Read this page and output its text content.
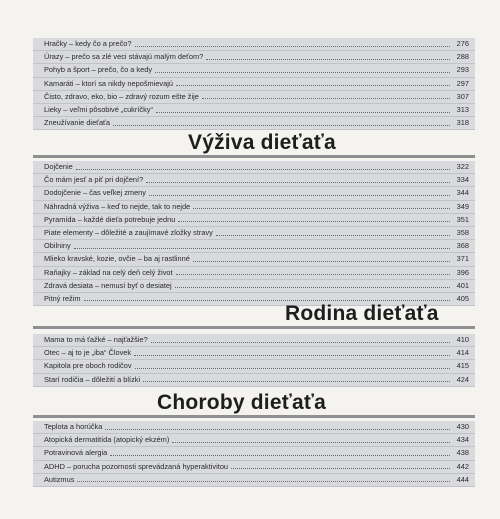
Hračky – kedy čo a prečo?	276
Úrazy – prečo sa zlé veci stávajú malým deťom?	288
Pohyb a šport – prečo, čo a kedy	293
Kamaráti – ktorí sa nikdy nepošmievajú	297
Čisto, zdravo, eko, bio – zdravý rozum ešte žije	307
Lieky – veľmi pôsobivé „cukríčky“	313
Zneužívanie dieťaťa	318
Výživa dieťaťa
Dojčenie	322
Čo mám jesť a piť pri dojčení?	334
Dodojčenie – čas veľkej zmeny	344
Náhradná výživa – keď to nejde, tak to nejde	349
Pyramída – každé dieťa potrebuje jednu	351
Piate elementy – dôležité a zaujímavé zložky stravy	358
Obilniny	368
Mlieko kravské, kozie, ovčie – ba aj rastlinné	371
Raňajky – základ na celý deň celý život	396
Zdravá desiata – nemusí byť o desiatej	401
Pitný režim	405
Rodina dieťaťa
Mama to má ťažké – najťažšie?	410
Otec – aj to je „iba“ Človek	414
Kapitola pre oboch rodičov	415
Starí rodičia – dôležití a blízki	424
Choroby dieťaťa
Teplota a horúčka	430
Atopická dermatitída (atopický ekzém)	434
Potravinová alergia	438
ADHD – porucha pozornosti sprevádzaná hyperaktivitou	442
Autizmus	444
